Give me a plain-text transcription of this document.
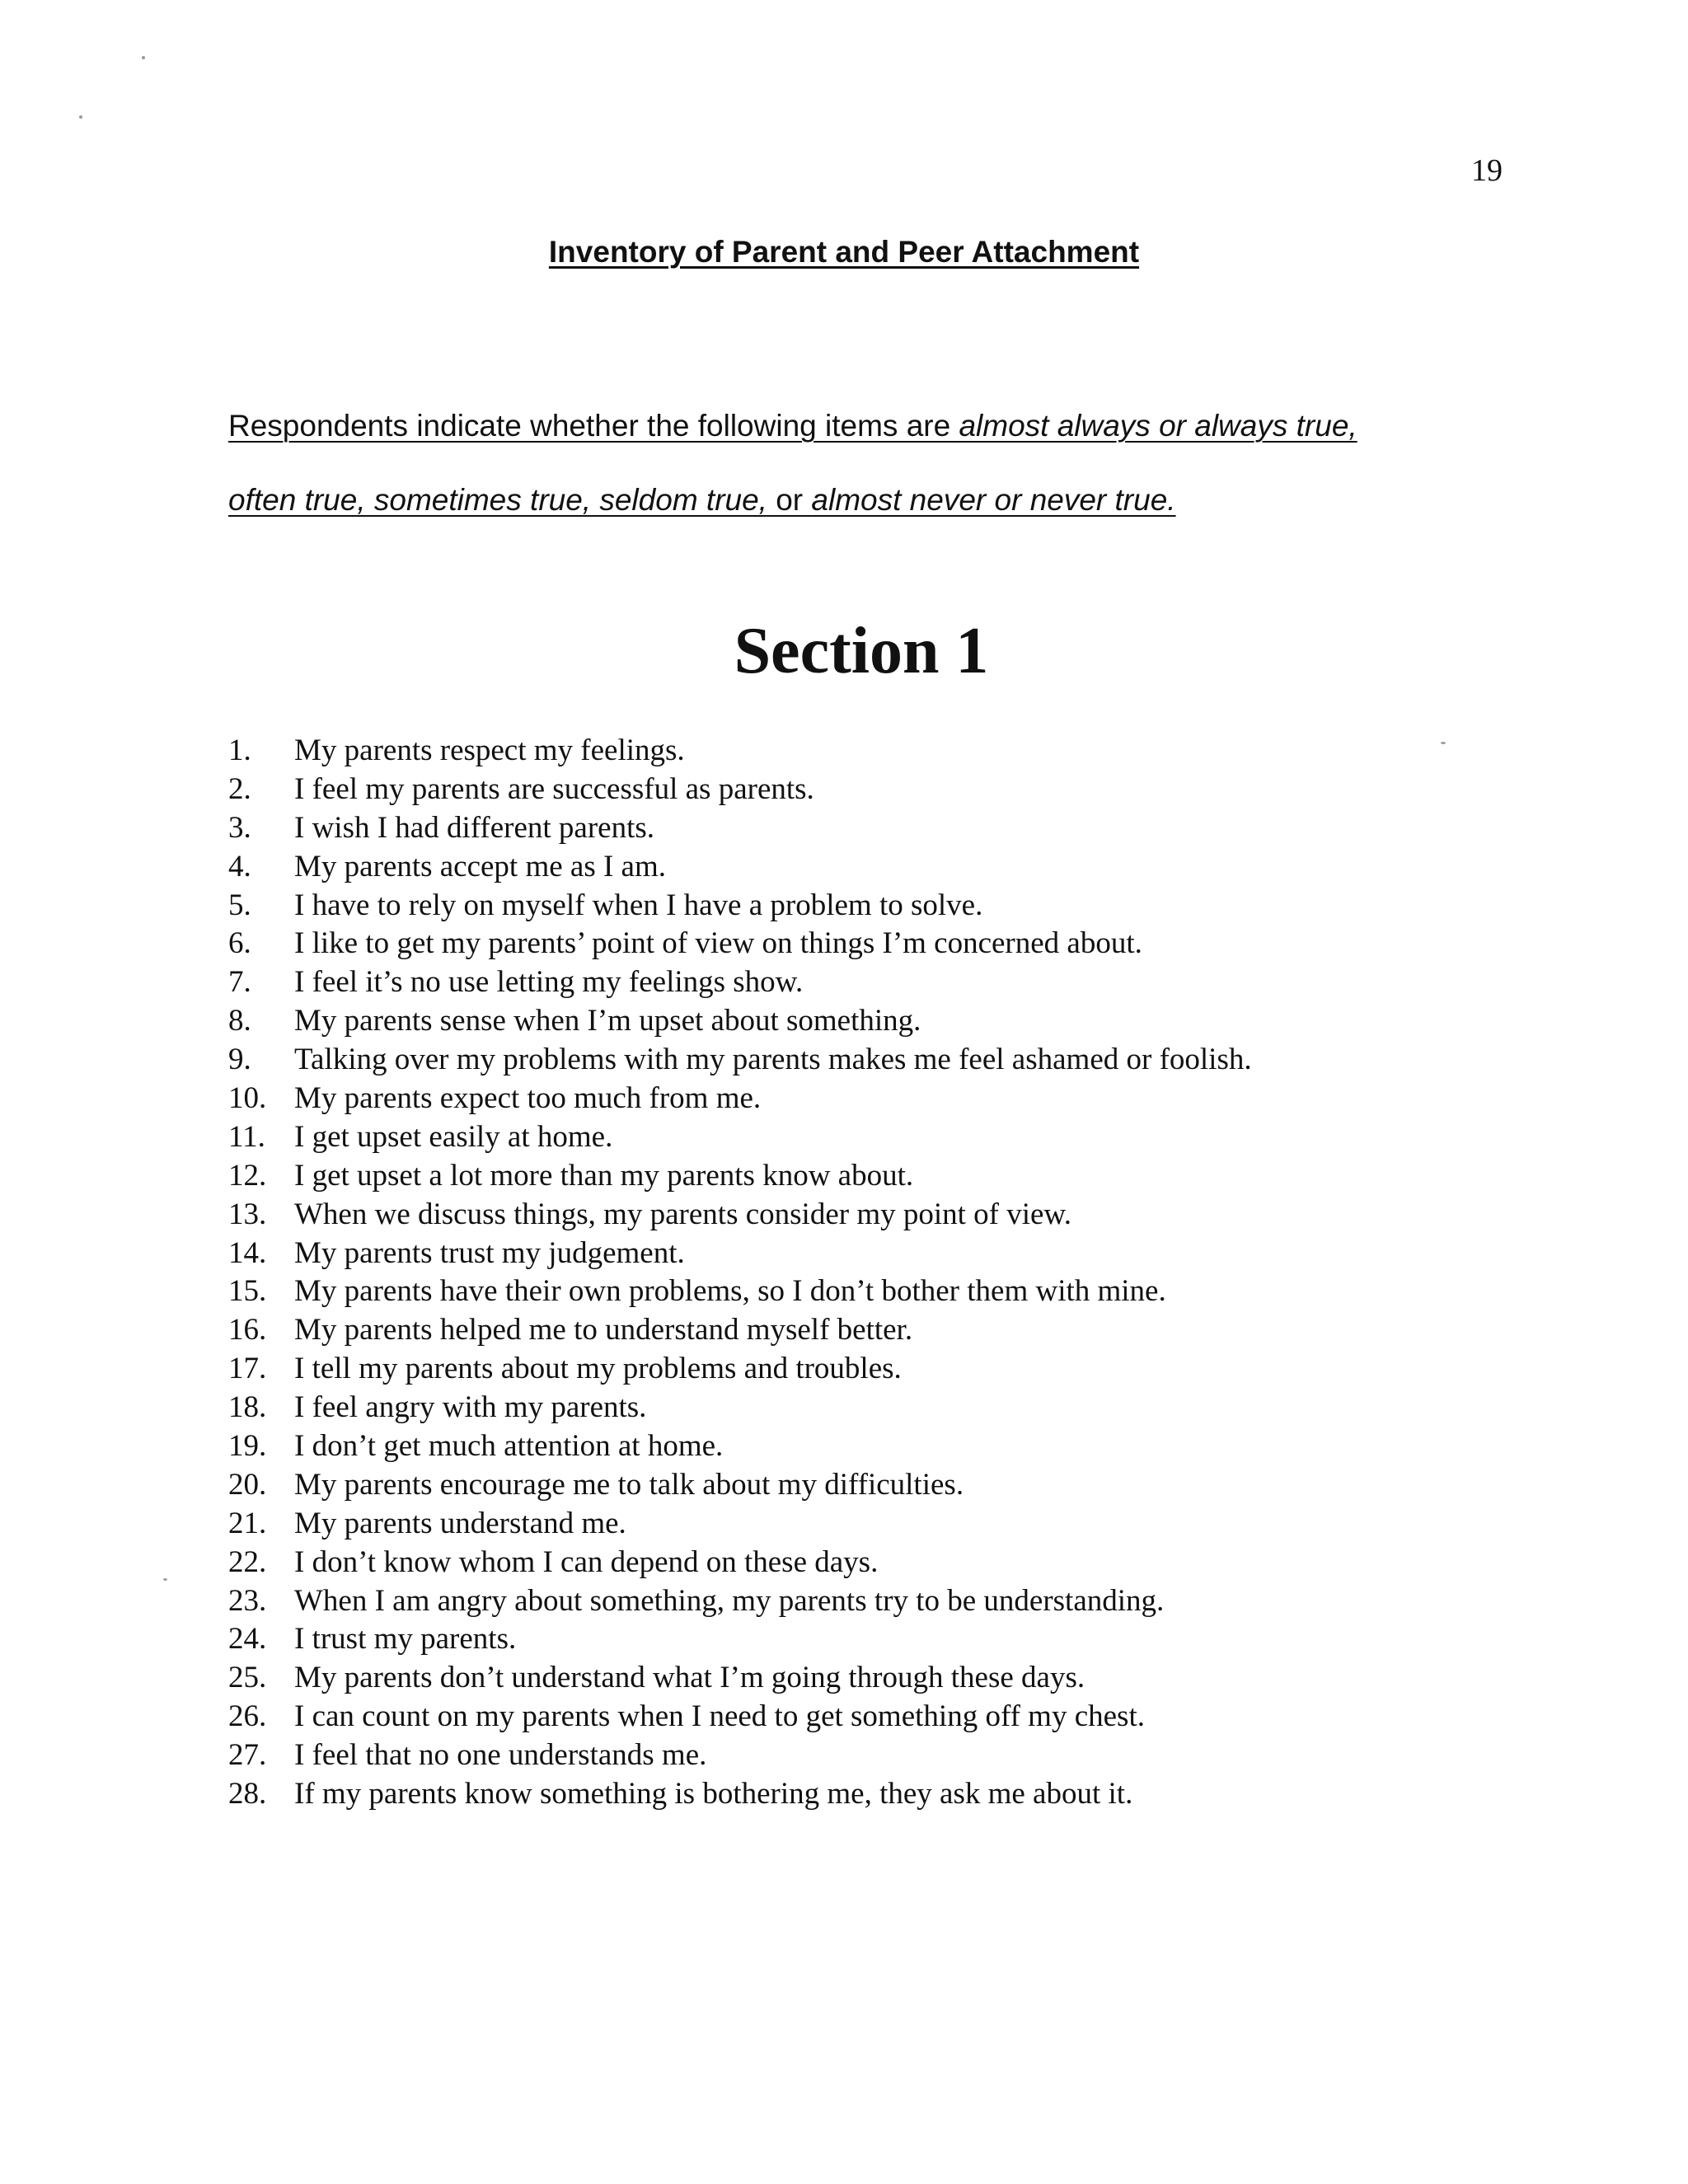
19
Inventory of Parent and Peer Attachment
Respondents indicate whether the following items are almost always or always true,
often true, sometimes true, seldom true, or almost never or never true.
Section 1
1. My parents respect my feelings.
2. I feel my parents are successful as parents.
3. I wish I had different parents.
4. My parents accept me as I am.
5. I have to rely on myself when I have a problem to solve.
6. I like to get my parents’ point of view on things I’m concerned about.
7. I feel it’s no use letting my feelings show.
8. My parents sense when I’m upset about something.
9. Talking over my problems with my parents makes me feel ashamed or foolish.
10. My parents expect too much from me.
11. I get upset easily at home.
12. I get upset a lot more than my parents know about.
13. When we discuss things, my parents consider my point of view.
14. My parents trust my judgement.
15. My parents have their own problems, so I don’t bother them with mine.
16. My parents helped me to understand myself better.
17. I tell my parents about my problems and troubles.
18. I feel angry with my parents.
19. I don’t get much attention at home.
20. My parents encourage me to talk about my difficulties.
21. My parents understand me.
22. I don’t know whom I can depend on these days.
23. When I am angry about something, my parents try to be understanding.
24. I trust my parents.
25. My parents don’t understand what I’m going through these days.
26. I can count on my parents when I need to get something off my chest.
27. I feel that no one understands me.
28. If my parents know something is bothering me, they ask me about it.
